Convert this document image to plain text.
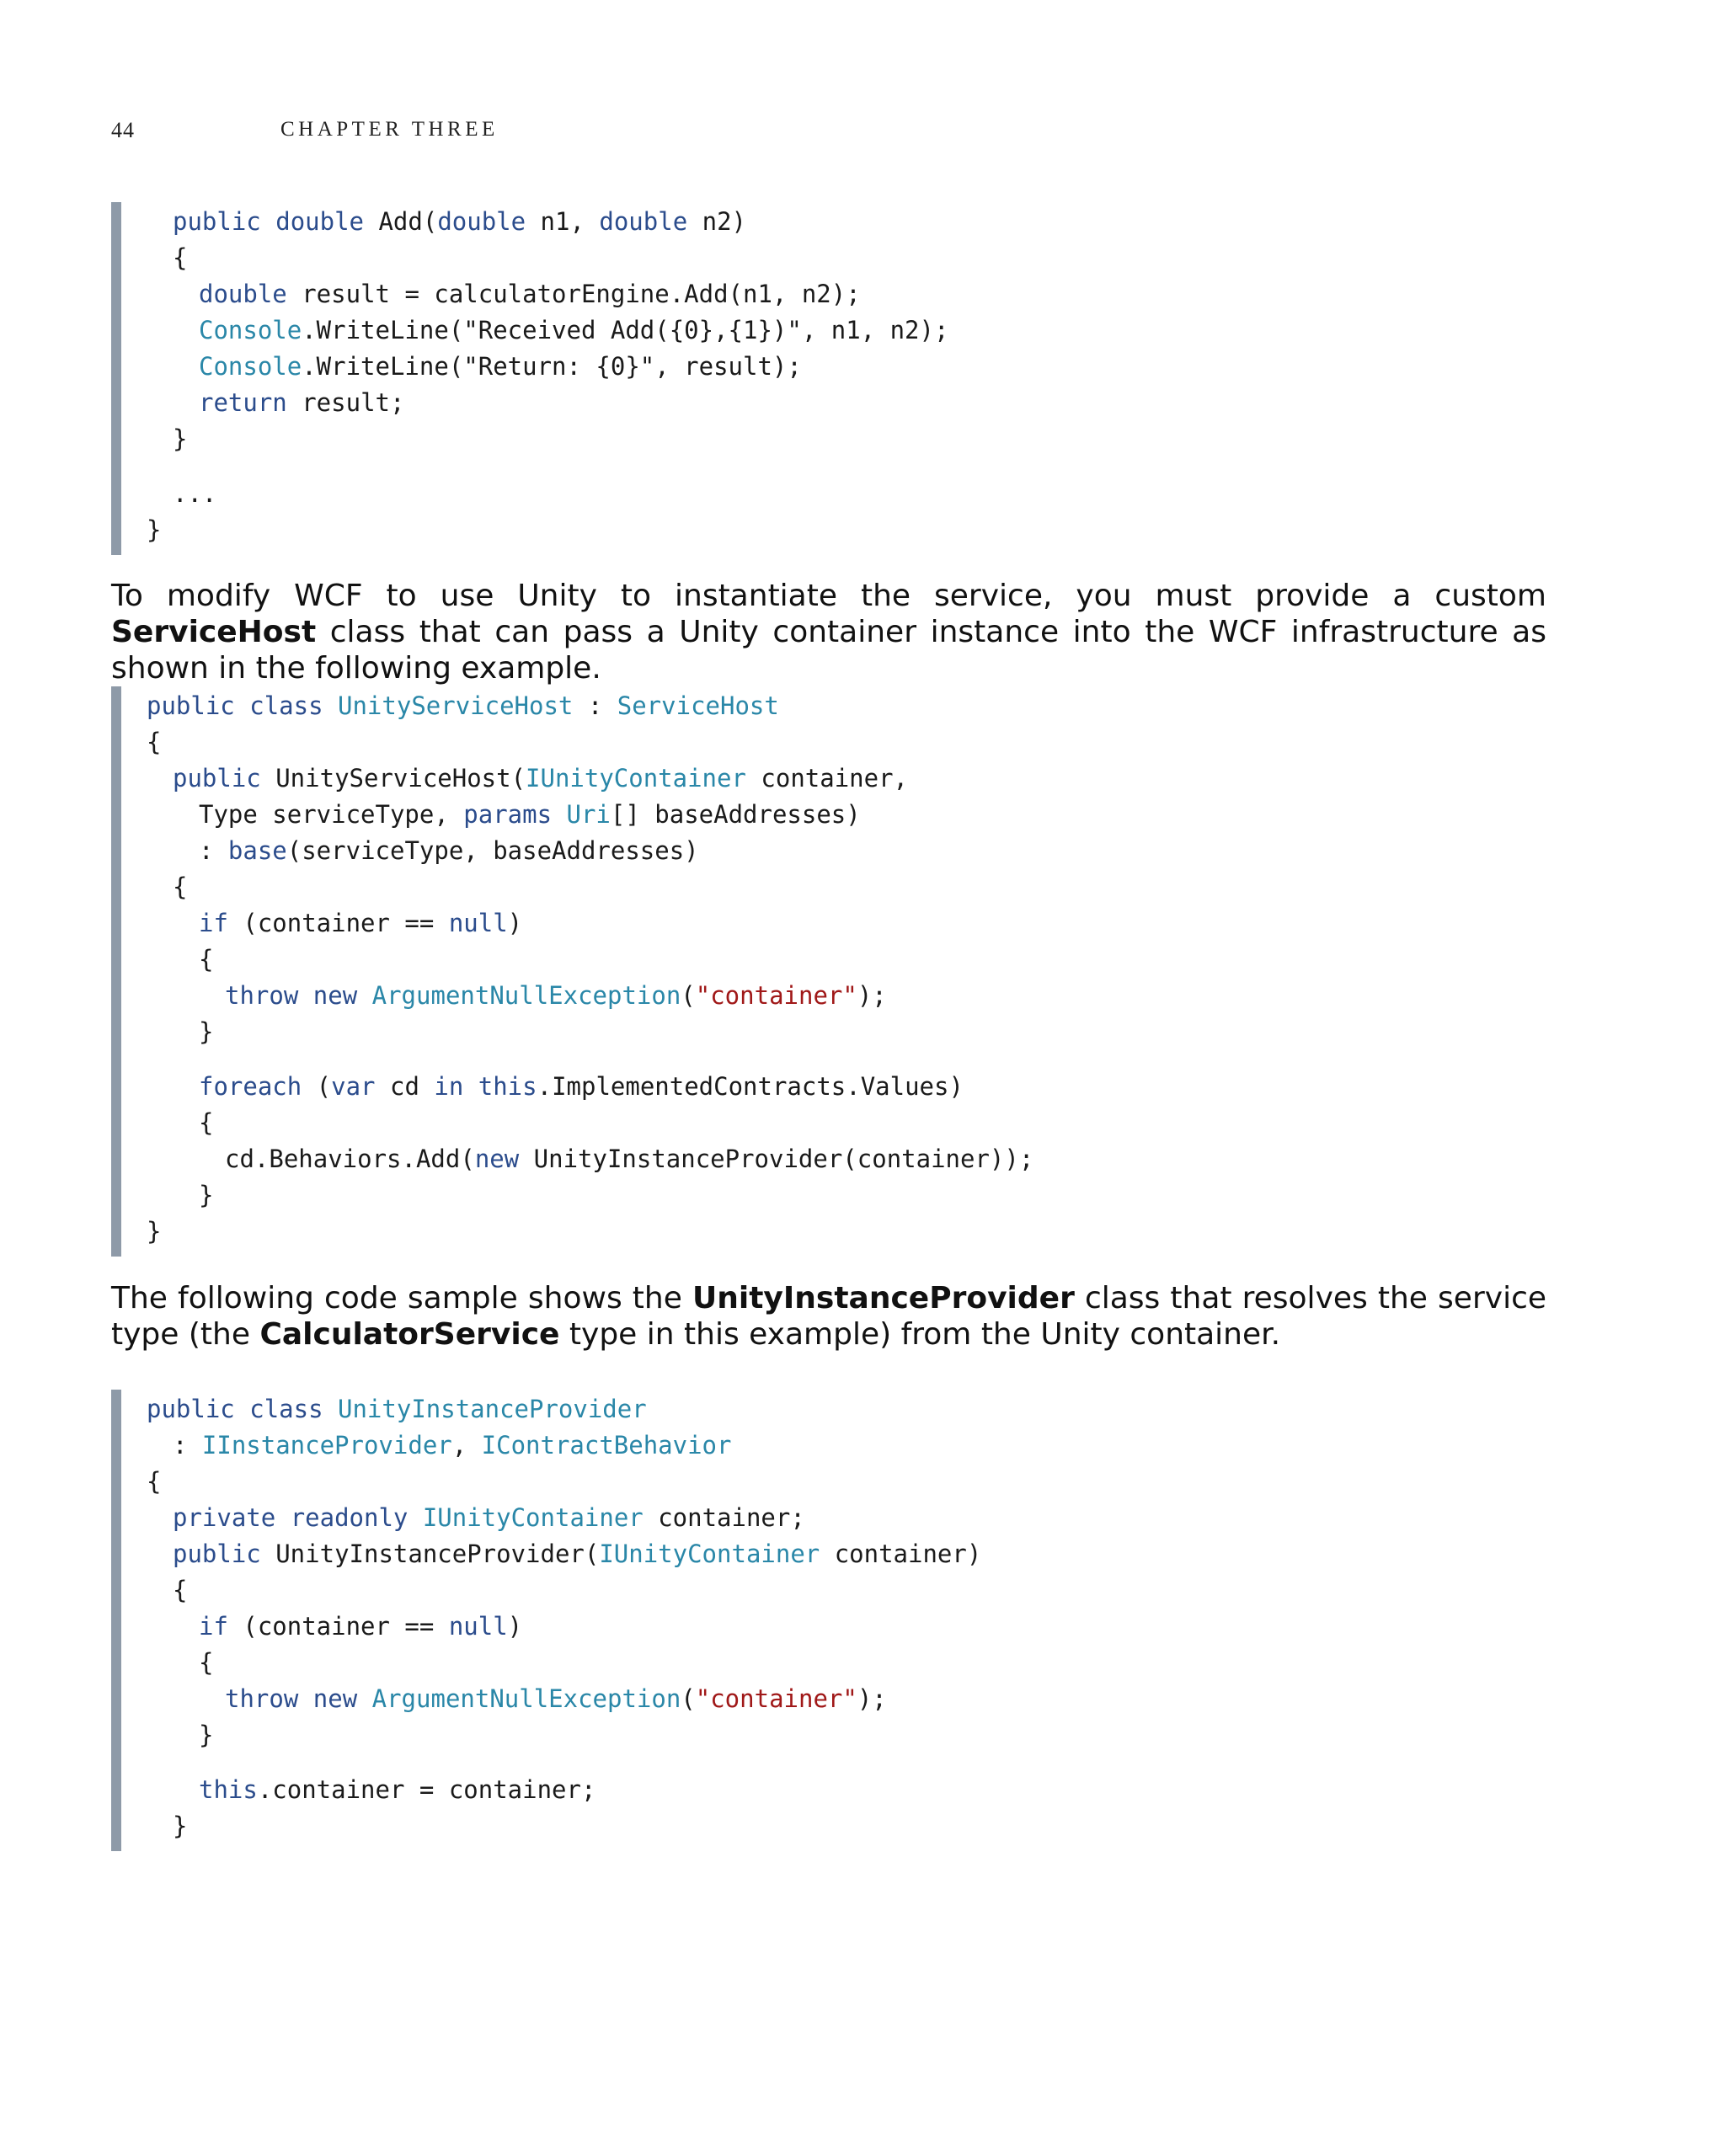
44	CHAPTER THREE
public double Add(double n1, double n2)
{
double result = calculatorEngine.Add(n1, n2);
Console.WriteLine("Received Add({0},{1})", n1, n2);
Console.WriteLine("Return: {0}", result);
return result;
}
...
}

To modify WCF to use Unity to instantiate the service, you must provide a custom ServiceHost class that can pass a Unity container instance into the WCF infrastructure as shown in the following example.

public class UnityServiceHost : ServiceHost
{
public UnityServiceHost(IUnityContainer container,
Type serviceType, params Uri[] baseAddresses)
: base(serviceType, baseAddresses)
{
if (container == null)
{
throw new ArgumentNullException("container");
}
foreach (var cd in this.ImplementedContracts.Values)
{
cd.Behaviors.Add(new UnityInstanceProvider(container));
}
}

The following code sample shows the UnityInstanceProvider class that resolves the service type (the CalculatorService type in this example) from the Unity container.

public class UnityInstanceProvider
: IInstanceProvider, IContractBehavior
{
private readonly IUnityContainer container;
public UnityInstanceProvider(IUnityContainer container)
{
if (container == null)
{
throw new ArgumentNullException("container");
}
this.container = container;
}
